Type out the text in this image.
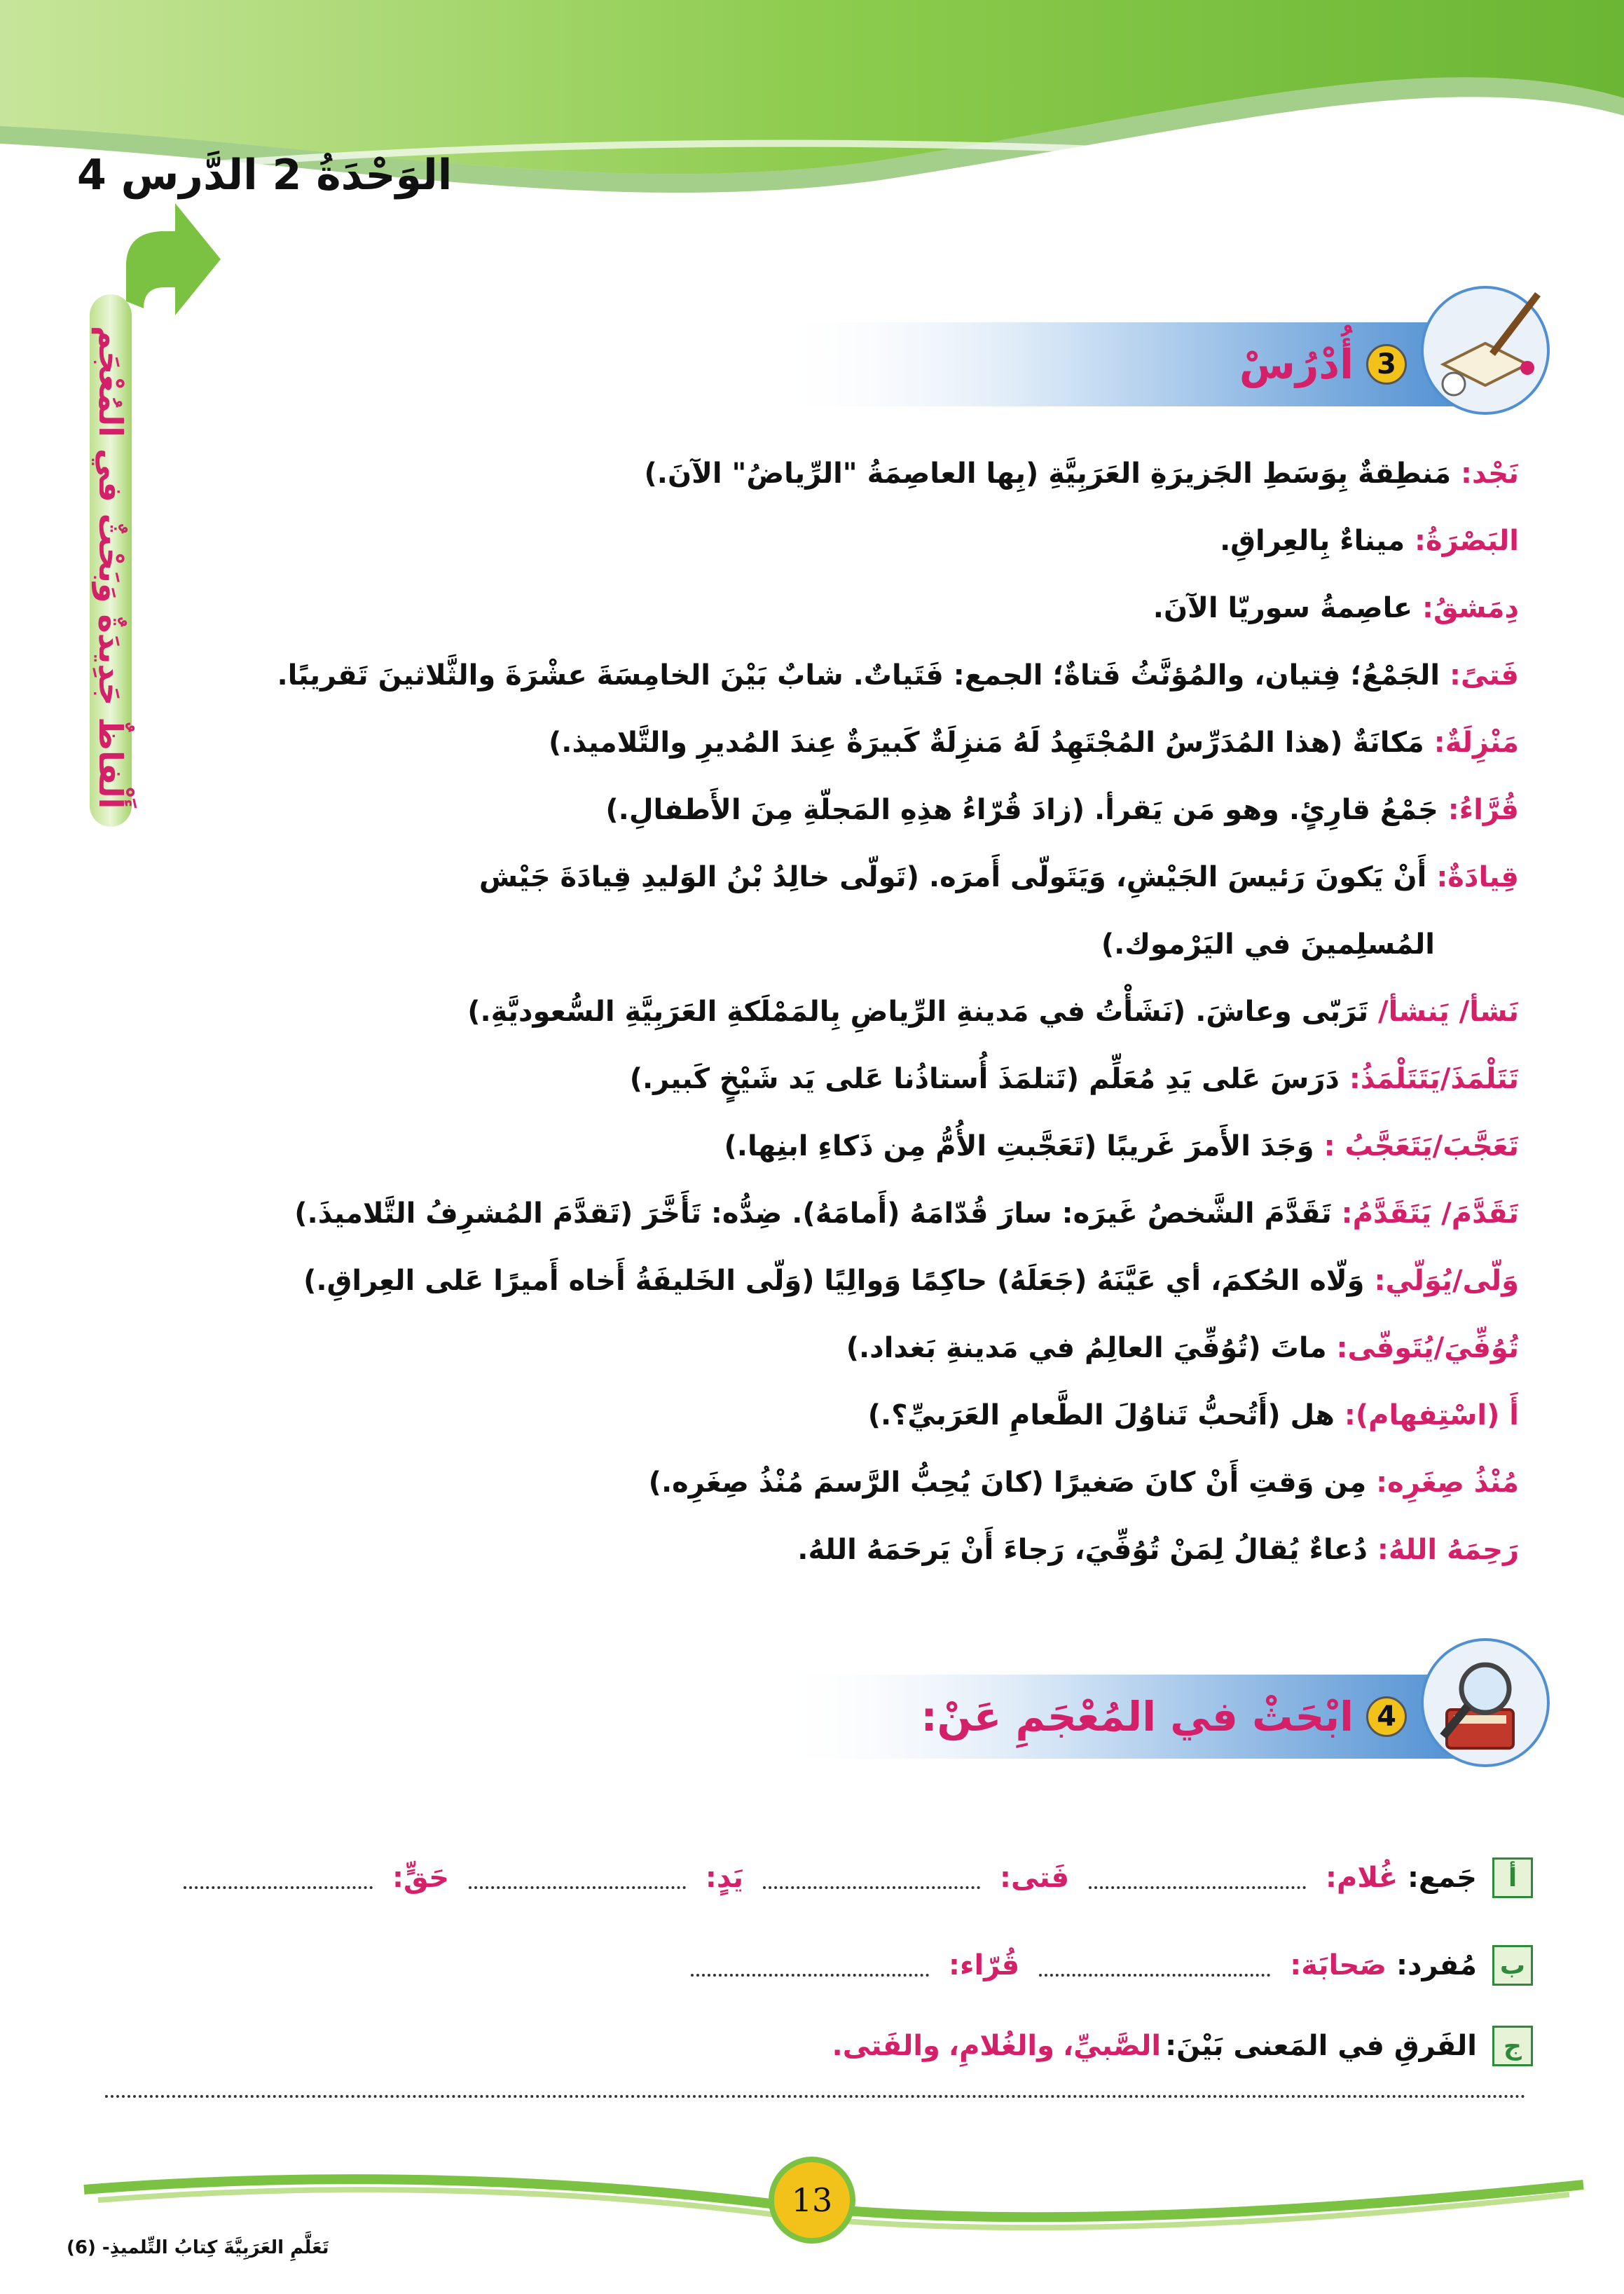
الوَحْدَةُ 2 الدَّرس 4
أَلْفاظٌ جَدِيدَةٌ وَبَحْثٌ في المُعْجَم	3
أُدْرُسْ
نَجْد: مَنطِقةٌ بِوَسَطِ الجَزيرَةِ العَرَبِيَّةِ (بِها العاصِمَةُ "الرِّياضُ" الآنَ.)
البَصْرَةُ: ميناءٌ بِالعِراقِ.
دِمَشقُ: عاصِمةُ سوريّا الآنَ.
فَتىً: الجَمْعُ؛ فِتيان، والمُؤنَّثُ فَتاةٌ؛ الجمع: فَتَياتٌ. شابٌ بَيْنَ الخامِسَةَ عشْرَةَ والثَّلاثينَ تَقريبًا.
مَنْزِلَةٌ: مَكانَةٌ (هذا المُدَرِّسُ المُجْتَهِدُ لَهُ مَنزِلَةٌ كَبيرَةٌ عِندَ المُديرِ والتَّلاميذ.)
قُرَّاءُ: جَمْعُ قارِئٍ. وهو مَن يَقرأ. (زادَ قُرّاءُ هذِهِ المَجلّةِ مِنَ الأَطفالِ.)
قِيادَةٌ: أَنْ يَكونَ رَئيسَ الجَيْشِ، وَيَتَولّى أَمرَه. (تَولّى خالِدُ بْنُ الوَليدِ قِيادَةَ جَيْش
المُسلِمينَ في اليَرْموك.)
نَشأ/ يَنشأ/ تَرَبّى وعاشَ. (نَشَأْتُ في مَدينةِ الرِّياضِ بِالمَمْلَكةِ العَرَبِيَّةِ السُّعوديَّةِ.)
تَتَلْمَذَ/يَتَتَلْمَذُ: دَرَسَ عَلى يَدِ مُعَلِّم (تَتلمَذَ أُستاذُنا عَلى يَد شَيْخٍ كَبير.)
تَعَجَّبَ/يَتَعَجَّبُ : وَجَدَ الأَمرَ غَريبًا (تَعَجَّبتِ الأُمُّ مِن ذَكاءِ ابنِها.)
تَقَدَّمَ/ يَتَقَدَّمُ: تَقَدَّمَ الشَّخصُ غَيرَه: سارَ قُدّامَهُ (أَمامَهُ). ضِدُّه: تَأَخَّرَ (تَقدَّمَ المُشرِفُ التَّلاميذَ.)
وَلّى/يُوَلّي: وَلّاه الحُكمَ، أي عَيَّنَهُ (جَعَلَهُ) حاكِمًا وَوالِيًا (وَلّى الخَليفَةُ أَخاه أَميرًا عَلى العِراقِ.)
تُوُفِّيَ/يُتَوفّى: ماتَ (تُوُفِّيَ العالِمُ في مَدينةِ بَغداد.)
أَ (اسْتِفهام): هل (أَتُحبُّ تَناوُلَ الطَّعامِ العَرَبيِّ؟.)
مُنْذُ صِغَرِه: مِن وَقتِ أَنْ كانَ صَغيرًا (كانَ يُحِبُّ الرَّسمَ مُنْذُ صِغَرِه.)
رَحِمَهُ اللهُ: دُعاءٌ يُقالُ لِمَنْ تُوُفِّيَ، رَجاءَ أَنْ يَرحَمَهُ اللهُ.
4
ابْحَثْ في المُعْجَمِ عَنْ:
أ
جَمع:
غُلام:
فَتى:
يَدٍ:
حَقٍّ:
ب
مُفرد:
صَحابَة:
قُرّاء:
ج
الفَرقِ في المَعنى بَيْنَ:
الصَّبيِّ،
والغُلامِ،
والفَتى.
13
تَعَلَّمِ العَرَبِيَّةَ كِتابُ التِّلميذِ- (6)
